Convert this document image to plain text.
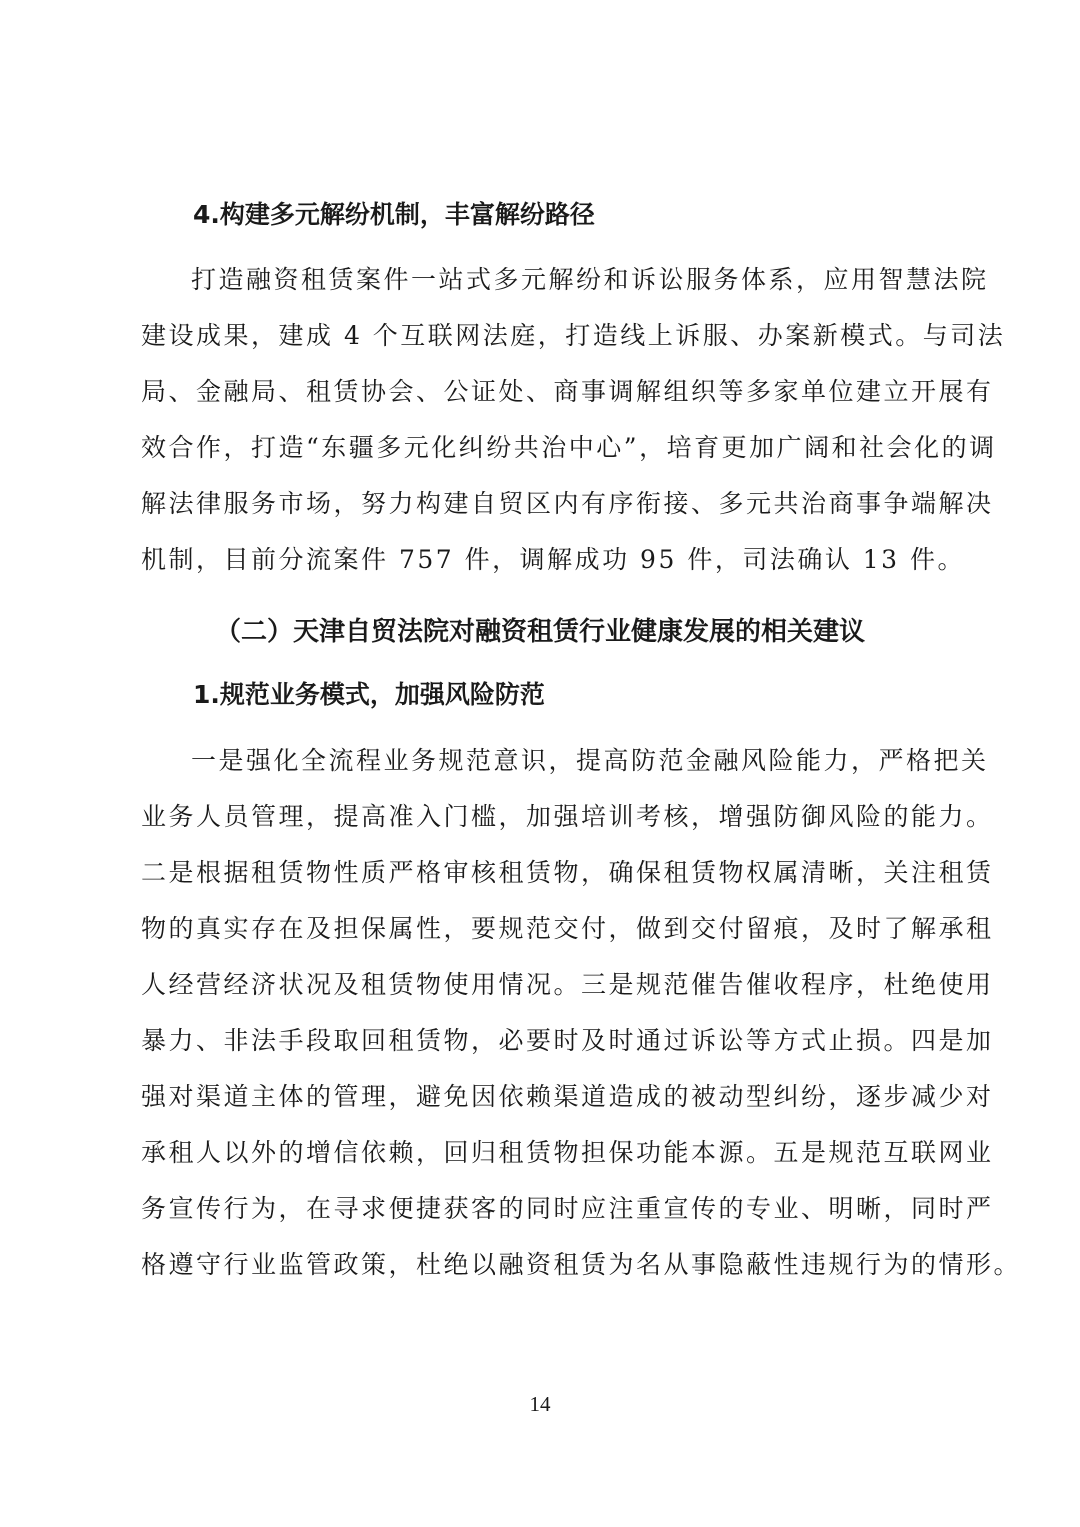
4.构建多元解纷机制，丰富解纷路径
打造融资租赁案件一站式多元解纷和诉讼服务体系，应用智慧法院
建设成果，建成 4 个互联网法庭，打造线上诉服、办案新模式。与司法
局、金融局、租赁协会、公证处、商事调解组织等多家单位建立开展有
效合作，打造“东疆多元化纠纷共治中心”，培育更加广阔和社会化的调
解法律服务市场，努力构建自贸区内有序衔接、多元共治商事争端解决
机制，目前分流案件 757 件，调解成功 95 件，司法确认 13 件。
（二）天津自贸法院对融资租赁行业健康发展的相关建议
1.规范业务模式，加强风险防范
一是强化全流程业务规范意识，提高防范金融风险能力，严格把关
业务人员管理，提高准入门槛，加强培训考核，增强防御风险的能力。
二是根据租赁物性质严格审核租赁物，确保租赁物权属清晰，关注租赁
物的真实存在及担保属性，要规范交付，做到交付留痕，及时了解承租
人经营经济状况及租赁物使用情况。三是规范催告催收程序，杜绝使用
暴力、非法手段取回租赁物，必要时及时通过诉讼等方式止损。四是加
强对渠道主体的管理，避免因依赖渠道造成的被动型纠纷，逐步减少对
承租人以外的增信依赖，回归租赁物担保功能本源。五是规范互联网业
务宣传行为，在寻求便捷获客的同时应注重宣传的专业、明晰，同时严
格遵守行业监管政策，杜绝以融资租赁为名从事隐蔽性违规行为的情形。
14
